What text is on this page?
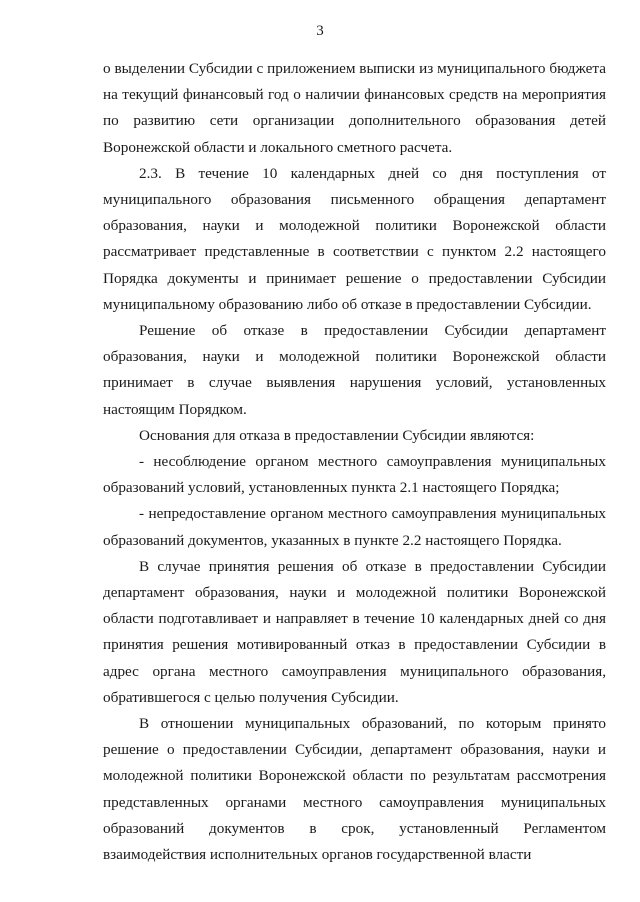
3

о выделении Субсидии с приложением выписки из муниципального бюджета на текущий финансовый год о наличии финансовых средств на мероприятия по развитию сети организации дополнительного образования детей Воронежской области и локального сметного расчета.

2.3. В течение 10 календарных дней со дня поступления от муниципального образования письменного обращения департамент образования, науки и молодежной политики Воронежской области рассматривает представленные в соответствии с пунктом 2.2 настоящего Порядка документы и принимает решение о предоставлении Субсидии муниципальному образованию либо об отказе в предоставлении Субсидии.

Решение об отказе в предоставлении Субсидии департамент образования, науки и молодежной политики Воронежской области принимает в случае выявления нарушения условий, установленных настоящим Порядком.

Основания для отказа в предоставлении Субсидии являются:

- несоблюдение органом местного самоуправления муниципальных образований условий, установленных пункта 2.1 настоящего Порядка;

- непредоставление органом местного самоуправления муниципальных образований документов, указанных в пункте 2.2 настоящего Порядка.

В случае принятия решения об отказе в предоставлении Субсидии департамент образования, науки и молодежной политики Воронежской области подготавливает и направляет в течение 10 календарных дней со дня принятия решения мотивированный отказ в предоставлении Субсидии в адрес органа местного самоуправления муниципального образования, обратившегося с целью получения Субсидии.

В отношении муниципальных образований, по которым принято решение о предоставлении Субсидии, департамент образования, науки и молодежной политики Воронежской области по результатам рассмотрения представленных органами местного самоуправления муниципальных образований документов в срок, установленный Регламентом взаимодействия исполнительных органов государственной власти
